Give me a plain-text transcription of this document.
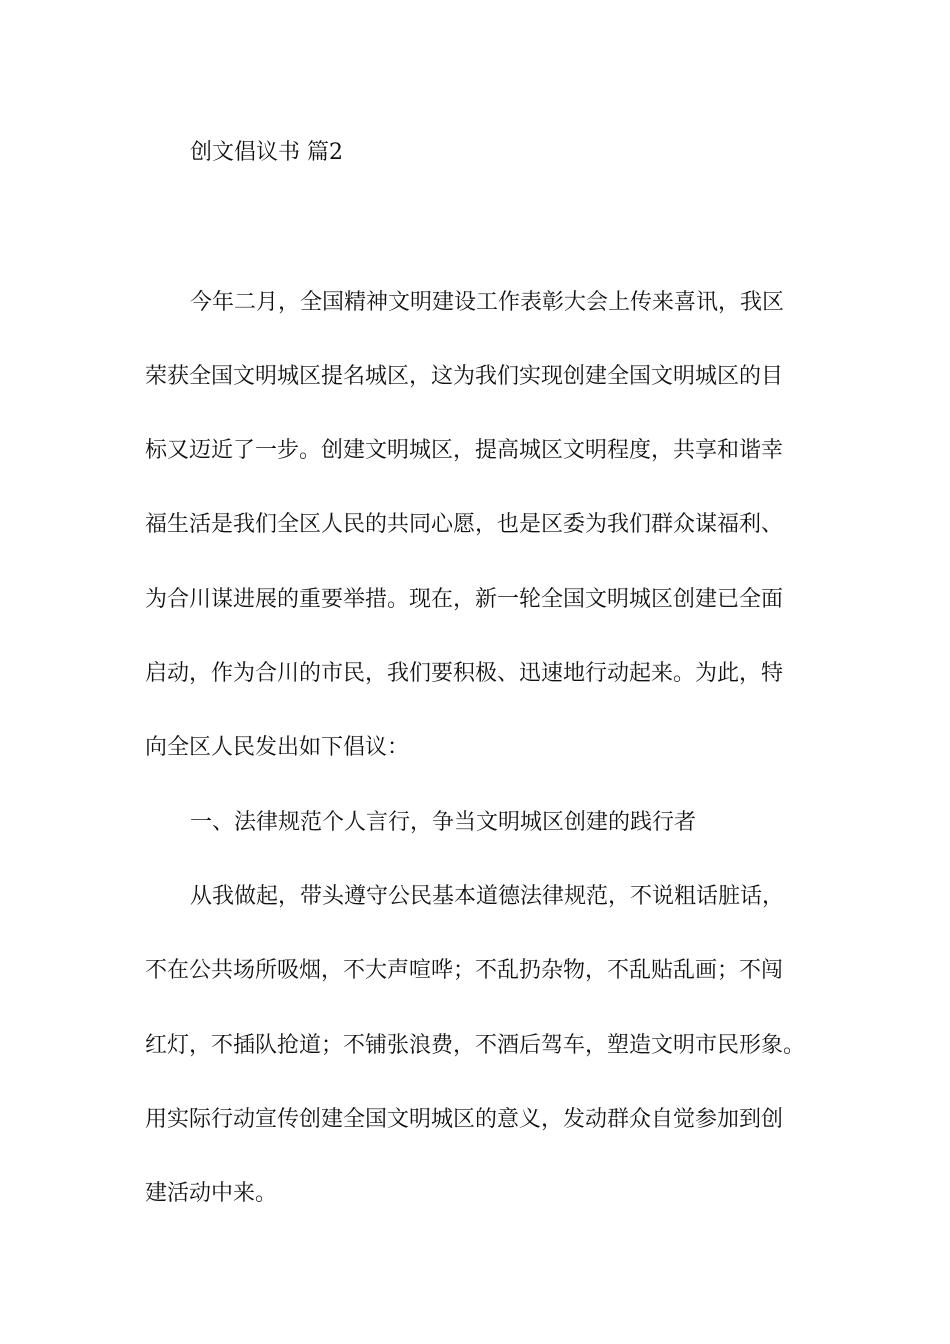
创文倡议书 篇2

今年二月，全国精神文明建设工作表彰大会上传来喜讯，我区

荣获全国文明城区提名城区，这为我们实现创建全国文明城区的目

标又迈近了一步。创建文明城区，提高城区文明程度，共享和谐幸

福生活是我们全区人民的共同心愿，也是区委为我们群众谋福利、

为合川谋进展的重要举措。现在，新一轮全国文明城区创建已全面

启动，作为合川的市民，我们要积极、迅速地行动起来。为此，特

向全区人民发出如下倡议：

一、法律规范个人言行，争当文明城区创建的践行者

从我做起，带头遵守公民基本道德法律规范，不说粗话脏话，

不在公共场所吸烟，不大声喧哗；不乱扔杂物，不乱贴乱画；不闯

红灯，不插队抢道；不铺张浪费，不酒后驾车，塑造文明市民形象。

用实际行动宣传创建全国文明城区的意义，发动群众自觉参加到创

建活动中来。
